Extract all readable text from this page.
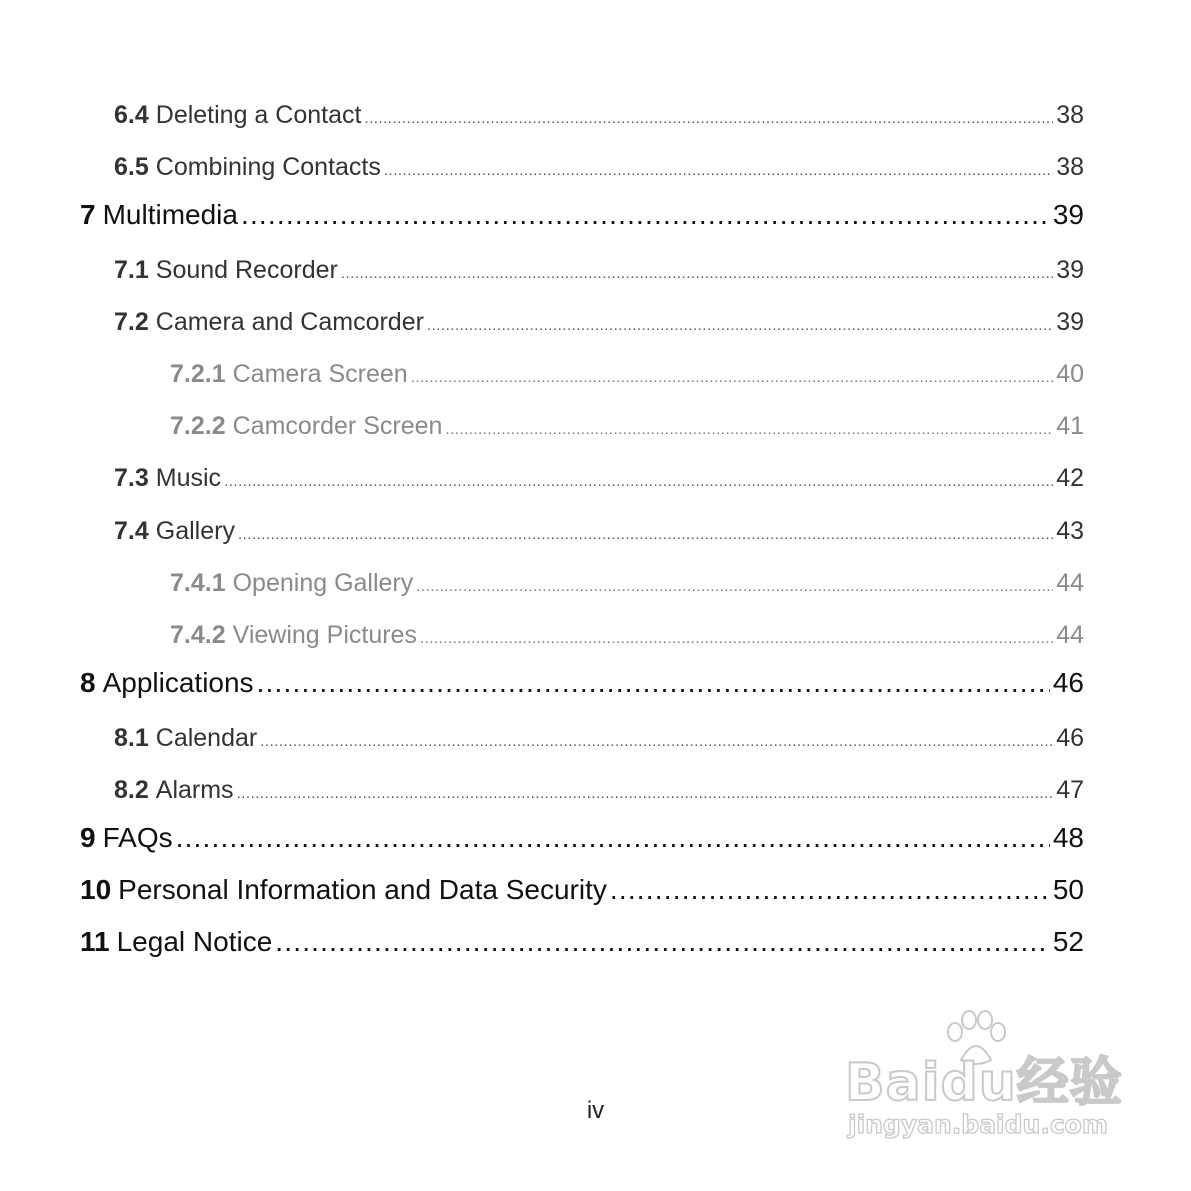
6.4 Deleting a Contact .....	38
6.5 Combining Contacts .....	38
7 Multimedia .....	39
7.1 Sound Recorder .....	39
7.2 Camera and Camcorder .....	39
7.2.1 Camera Screen .....	40
7.2.2 Camcorder Screen .....	41
7.3 Music .....	42
7.4 Gallery .....	43
7.4.1 Opening Gallery .....	44
7.4.2 Viewing Pictures .....	44
8 Applications .....	46
8.1 Calendar .....	46
8.2 Alarms .....	47
9 FAQs .....	48
10 Personal Information and Data Security .....	50
11 Legal Notice .....	52
iv	Baidu经验
jingyan.baidu.com
